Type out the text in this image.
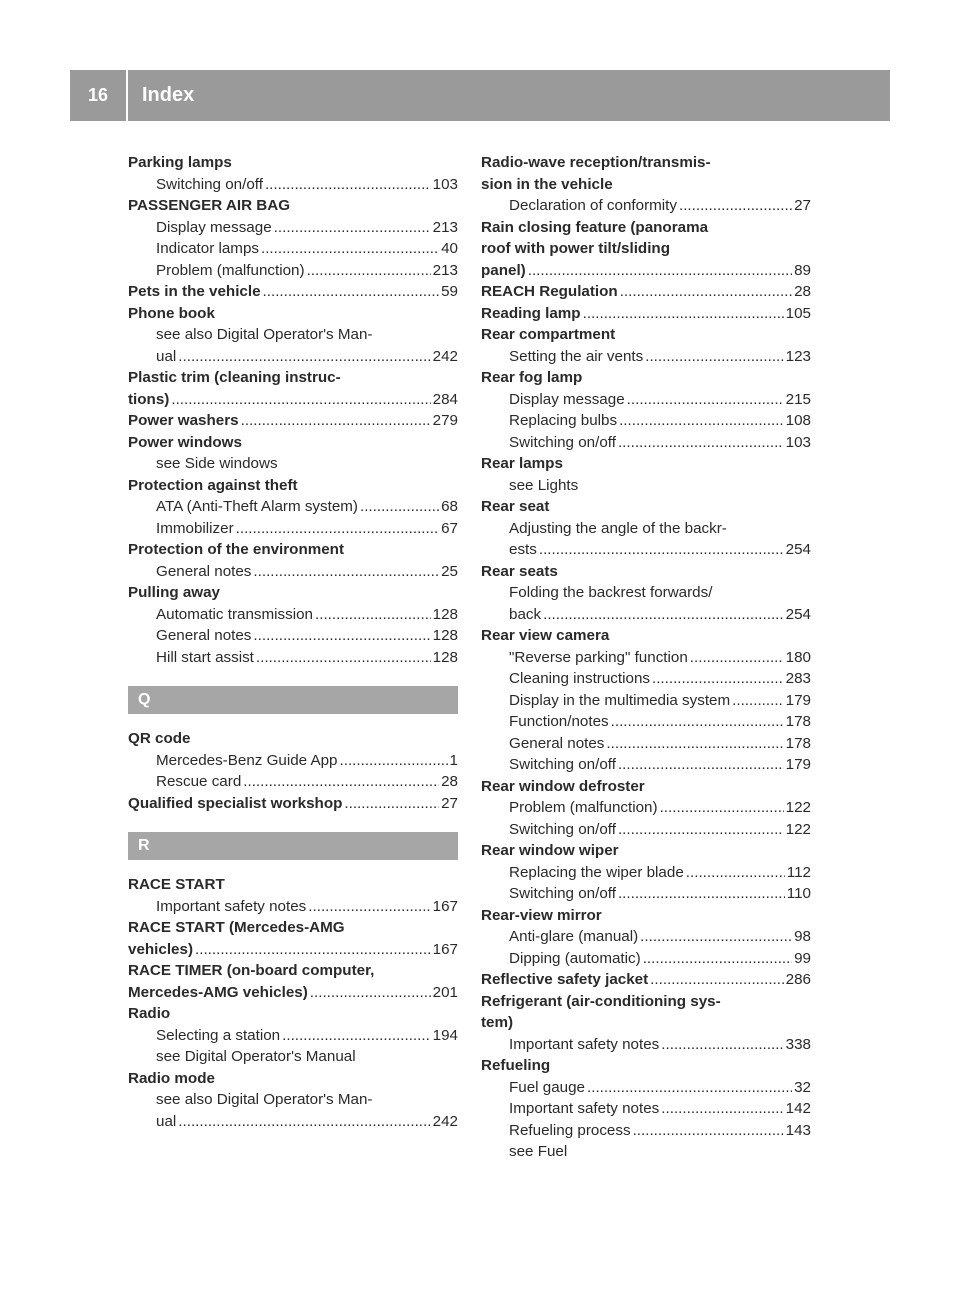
16	Index
Parking lamps
Switching on/off .....	103
PASSENGER AIR BAG
Display message .....	213
Indicator lamps .....	40
Problem (malfunction) .....	213
Pets in the vehicle .....	59
Phone book
see also Digital Operator's Man-
ual .....	242
Plastic trim (cleaning instruc-
tions) .....	284
Power washers .....	279
Power windows
see Side windows
Protection against theft
ATA (Anti-Theft Alarm system) .....	68
Immobilizer .....	67
Protection of the environment
General notes .....	25
Pulling away
Automatic transmission .....	128
General notes .....	128
Hill start assist .....	128
Q
QR code
Mercedes-Benz Guide App .....	1
Rescue card .....	28
Qualified specialist workshop .....	27
R
RACE START
Important safety notes .....	167
RACE START (Mercedes-AMG
vehicles) .....	167
RACE TIMER (on-board computer,
Mercedes-AMG vehicles) .....	201
Radio
Selecting a station .....	194
see Digital Operator's Manual
Radio mode
see also Digital Operator's Man-
ual .....	242
Radio-wave reception/transmis-
sion in the vehicle
Declaration of conformity .....	27
Rain closing feature (panorama
roof with power tilt/sliding
panel) .....	89
REACH Regulation .....	28
Reading lamp .....	105
Rear compartment
Setting the air vents .....	123
Rear fog lamp
Display message .....	215
Replacing bulbs .....	108
Switching on/off .....	103
Rear lamps
see Lights
Rear seat
Adjusting the angle of the backr-
ests .....	254
Rear seats
Folding the backrest forwards/
back .....	254
Rear view camera
"Reverse parking" function .....	180
Cleaning instructions .....	283
Display in the multimedia system .....	179
Function/notes .....	178
General notes .....	178
Switching on/off .....	179
Rear window defroster
Problem (malfunction) .....	122
Switching on/off .....	122
Rear window wiper
Replacing the wiper blade .....	112
Switching on/off .....	110
Rear-view mirror
Anti-glare (manual) .....	98
Dipping (automatic) .....	99
Reflective safety jacket .....	286
Refrigerant (air-conditioning sys-
tem)
Important safety notes .....	338
Refueling
Fuel gauge .....	32
Important safety notes .....	142
Refueling process .....	143
see Fuel
